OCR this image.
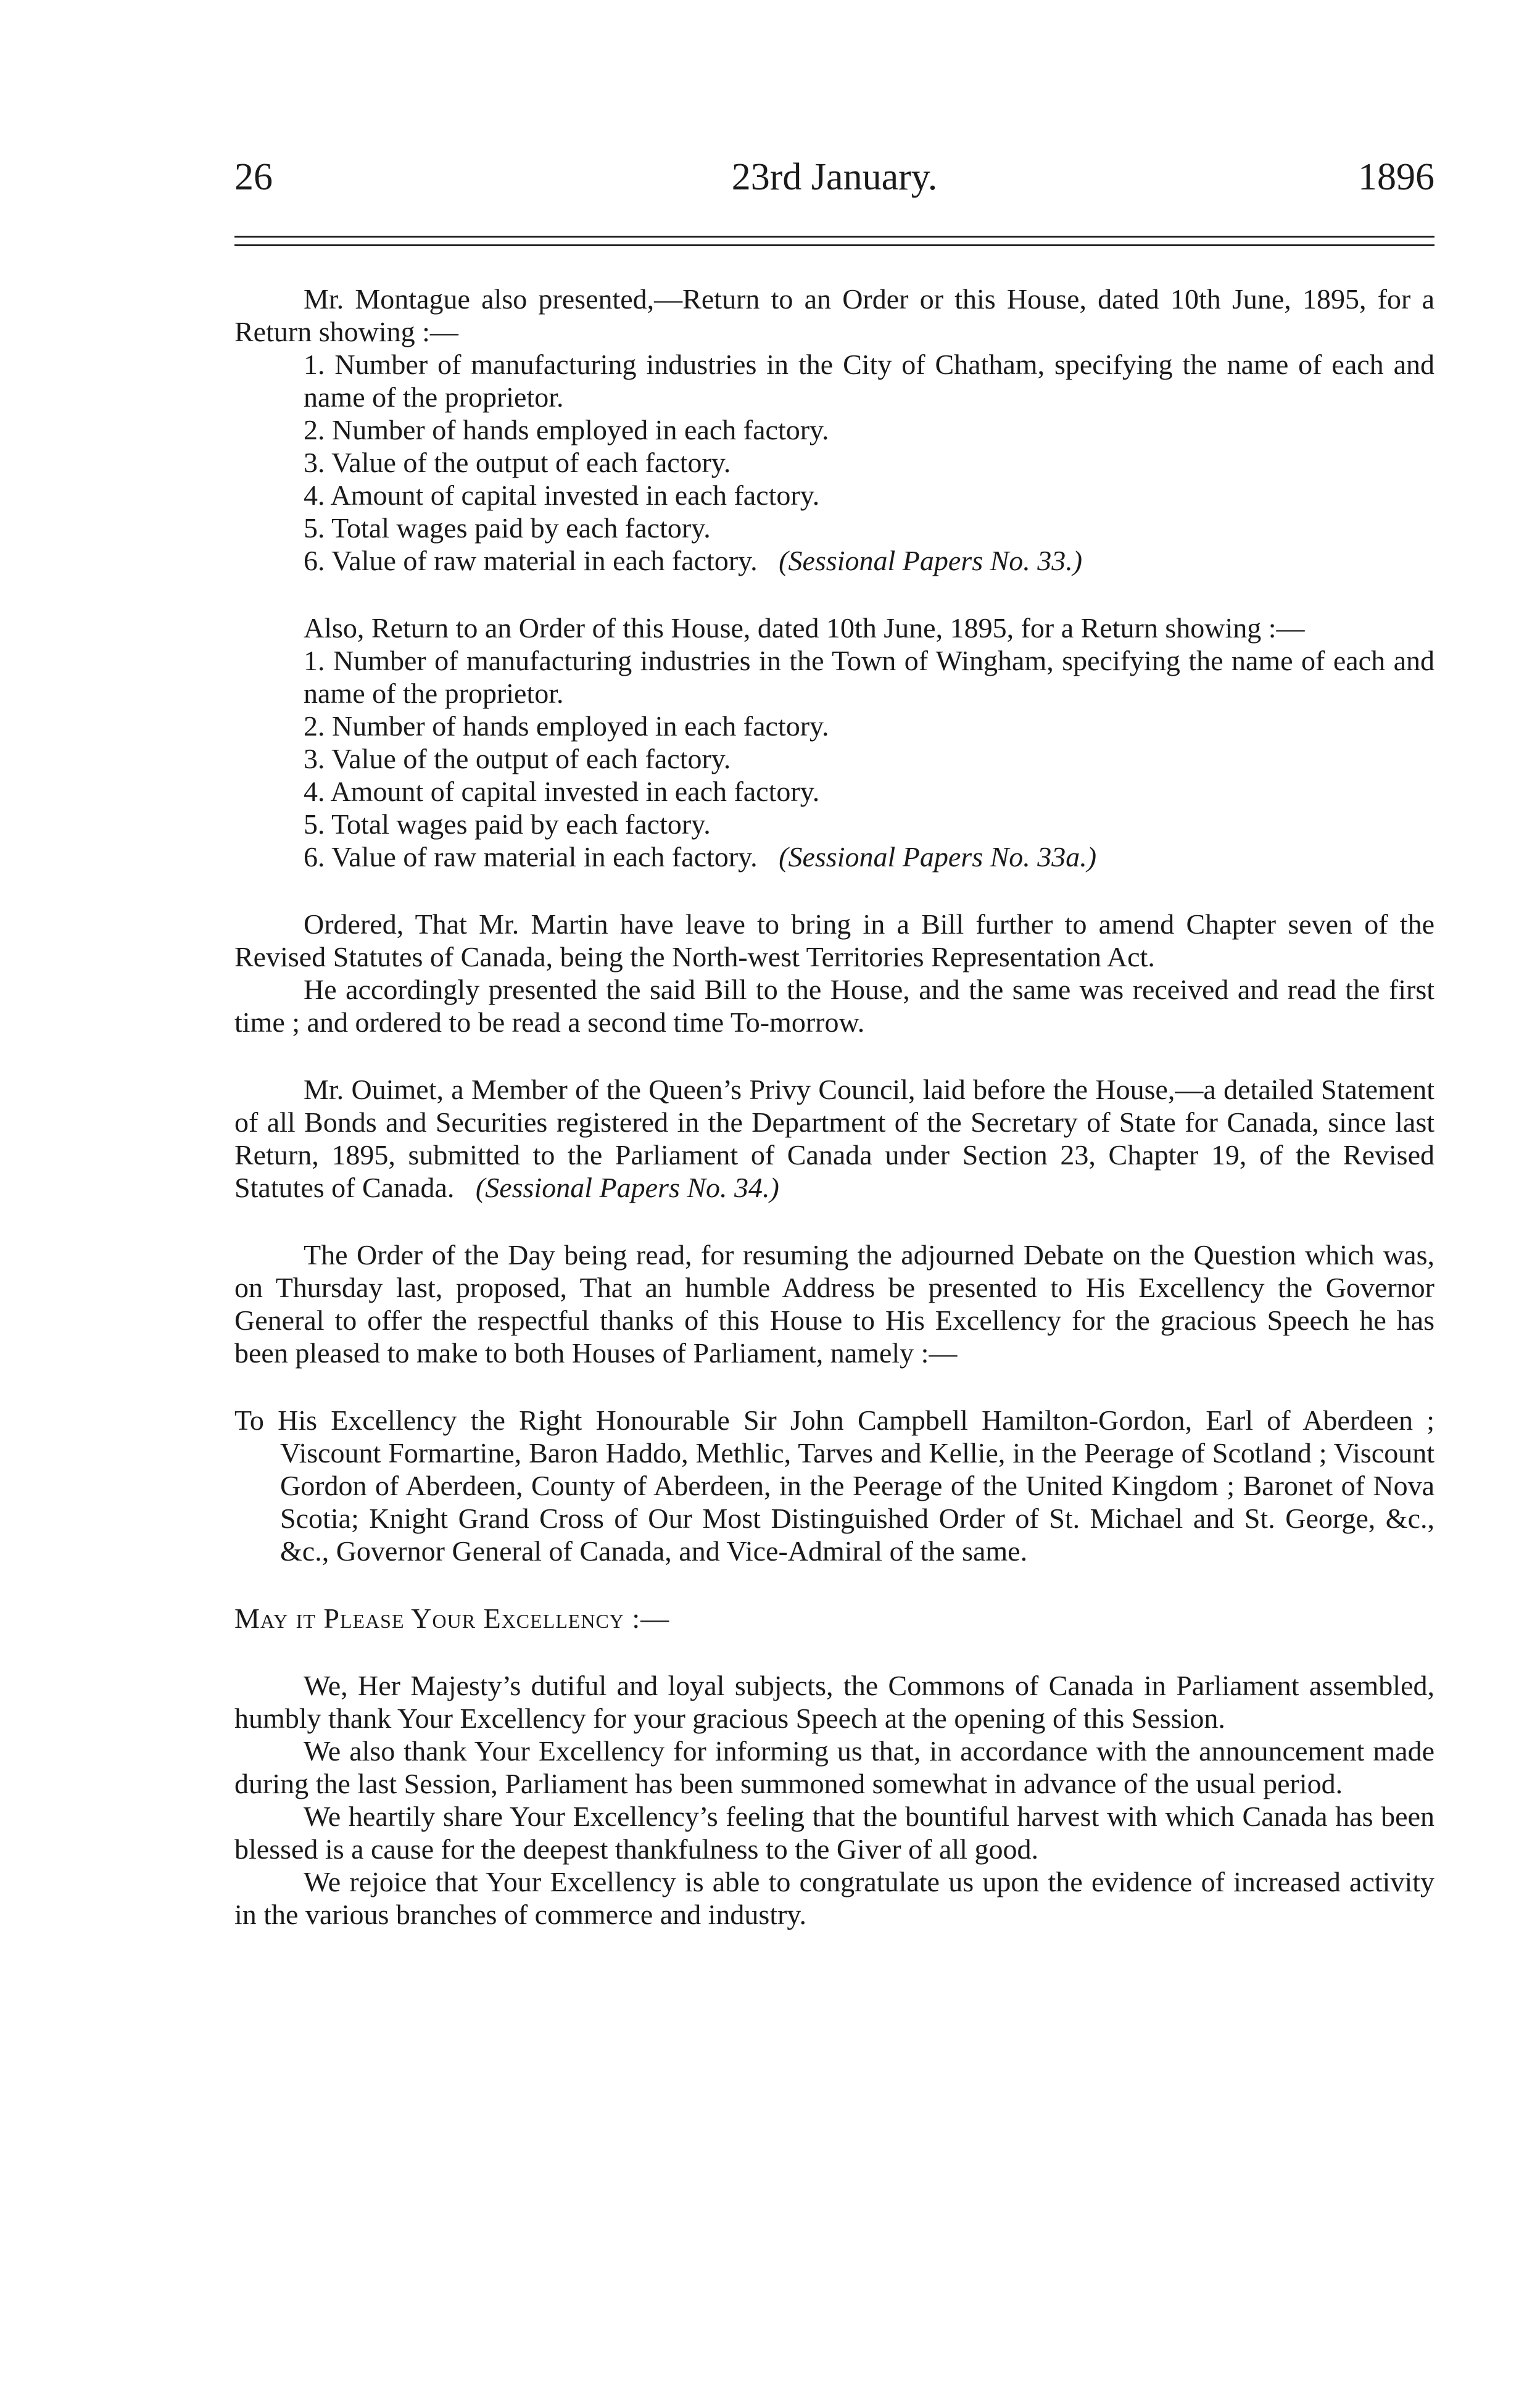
26	23rd January.	1896

Mr. Montague also presented,—Return to an Order or this House, dated 10th June, 1895, for a Return showing :—

1. Number of manufacturing industries in the City of Chatham, specifying the name of each and name of the proprietor.

2. Number of hands employed in each factory.

3. Value of the output of each factory.

4. Amount of capital invested in each factory.

5. Total wages paid by each factory.

6. Value of raw material in each factory. (Sessional Papers No. 33.)

Also, Return to an Order of this House, dated 10th June, 1895, for a Return showing :—

1. Number of manufacturing industries in the Town of Wingham, specifying the name of each and name of the proprietor.

2. Number of hands employed in each factory.

3. Value of the output of each factory.

4. Amount of capital invested in each factory.

5. Total wages paid by each factory.

6. Value of raw material in each factory. (Sessional Papers No. 33a.)

Ordered, That Mr. Martin have leave to bring in a Bill further to amend Chapter seven of the Revised Statutes of Canada, being the North-west Territories Representation Act.

He accordingly presented the said Bill to the House, and the same was received and read the first time ; and ordered to be read a second time To-morrow.

Mr. Ouimet, a Member of the Queen’s Privy Council, laid before the House,—a detailed Statement of all Bonds and Securities registered in the Department of the Secretary of State for Canada, since last Return, 1895, submitted to the Parliament of Canada under Section 23, Chapter 19, of the Revised Statutes of Canada. (Sessional Papers No. 34.)

The Order of the Day being read, for resuming the adjourned Debate on the Question which was, on Thursday last, proposed, That an humble Address be presented to His Excellency the Governor General to offer the respectful thanks of this House to His Excellency for the gracious Speech he has been pleased to make to both Houses of Parliament, namely :—

To His Excellency the Right Honourable Sir John Campbell Hamilton-Gordon, Earl of Aberdeen ; Viscount Formartine, Baron Haddo, Methlic, Tarves and Kellie, in the Peerage of Scotland ; Viscount Gordon of Aberdeen, County of Aberdeen, in the Peerage of the United Kingdom ; Baronet of Nova Scotia; Knight Grand Cross of Our Most Distinguished Order of St. Michael and St. George, &c., &c., Governor General of Canada, and Vice-Admiral of the same.

May it Please Your Excellency :—

We, Her Majesty’s dutiful and loyal subjects, the Commons of Canada in Parliament assembled, humbly thank Your Excellency for your gracious Speech at the opening of this Session.

We also thank Your Excellency for informing us that, in accordance with the announcement made during the last Session, Parliament has been summoned somewhat in advance of the usual period.

We heartily share Your Excellency’s feeling that the bountiful harvest with which Canada has been blessed is a cause for the deepest thankfulness to the Giver of all good.

We rejoice that Your Excellency is able to congratulate us upon the evidence of increased activity in the various branches of commerce and industry.
